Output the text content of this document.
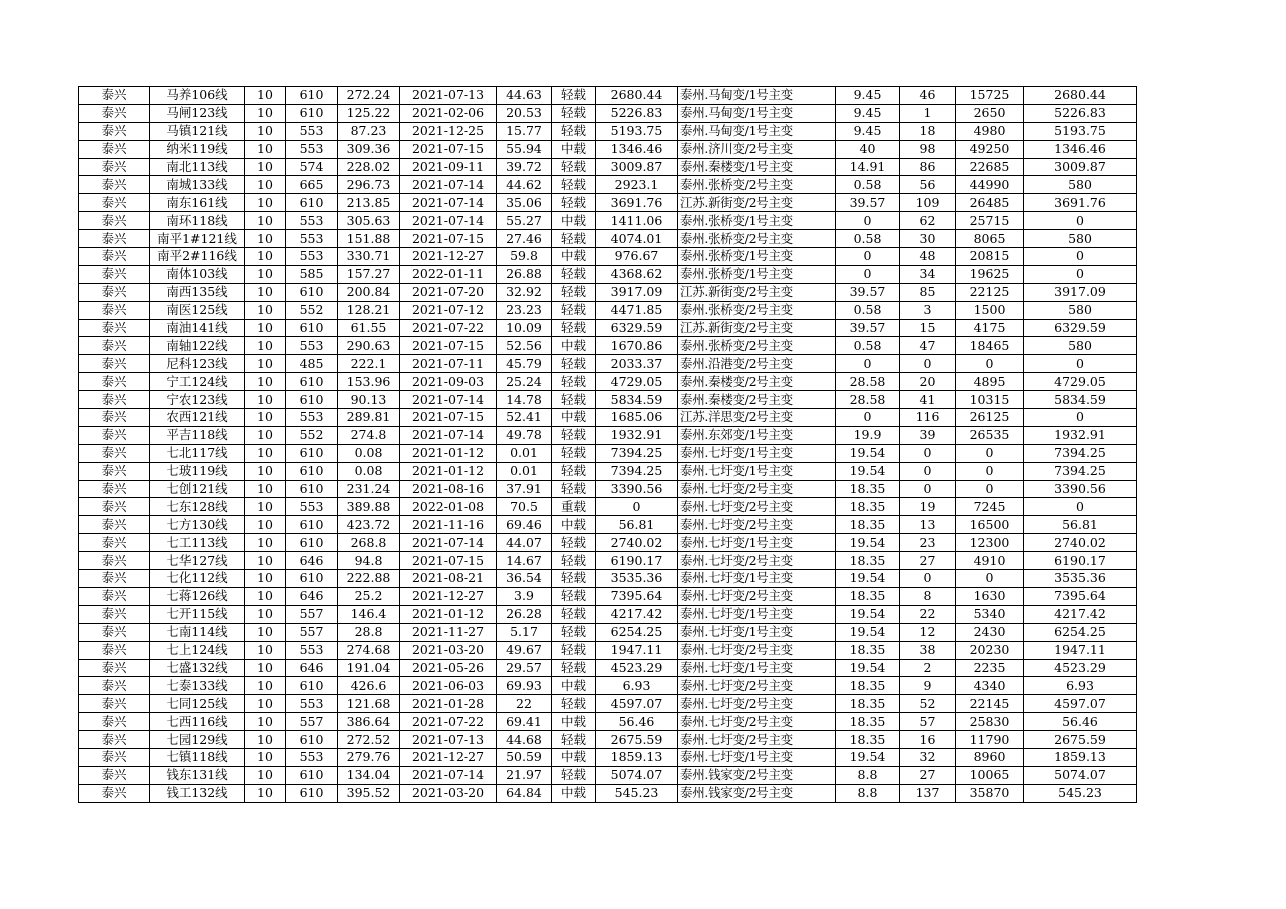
泰兴	马养106线	10	610	272.24	2021-07-13	44.63	轻载	2680.44	泰州.马甸变/1号主变	9.45	46	15725	2680.44
泰兴	马闸123线	10	610	125.22	2021-02-06	20.53	轻载	5226.83	泰州.马甸变/1号主变	9.45	1	2650	5226.83
泰兴	马镇121线	10	553	87.23	2021-12-25	15.77	轻载	5193.75	泰州.马甸变/1号主变	9.45	18	4980	5193.75
泰兴	纳米119线	10	553	309.36	2021-07-15	55.94	中载	1346.46	泰州.济川变/2号主变	40	98	49250	1346.46
泰兴	南北113线	10	574	228.02	2021-09-11	39.72	轻载	3009.87	泰州.秦楼变/1号主变	14.91	86	22685	3009.87
泰兴	南城133线	10	665	296.73	2021-07-14	44.62	轻载	2923.1	泰州.张桥变/2号主变	0.58	56	44990	580
泰兴	南东161线	10	610	213.85	2021-07-14	35.06	轻载	3691.76	江苏.新街变/2号主变	39.57	109	26485	3691.76
泰兴	南环118线	10	553	305.63	2021-07-14	55.27	中载	1411.06	泰州.张桥变/1号主变	0	62	25715	0
泰兴	南平1#121线	10	553	151.88	2021-07-15	27.46	轻载	4074.01	泰州.张桥变/2号主变	0.58	30	8065	580
泰兴	南平2#116线	10	553	330.71	2021-12-27	59.8	中载	976.67	泰州.张桥变/1号主变	0	48	20815	0
泰兴	南体103线	10	585	157.27	2022-01-11	26.88	轻载	4368.62	泰州.张桥变/1号主变	0	34	19625	0
泰兴	南西135线	10	610	200.84	2021-07-20	32.92	轻载	3917.09	江苏.新街变/2号主变	39.57	85	22125	3917.09
泰兴	南医125线	10	552	128.21	2021-07-12	23.23	轻载	4471.85	泰州.张桥变/2号主变	0.58	3	1500	580
泰兴	南油141线	10	610	61.55	2021-07-22	10.09	轻载	6329.59	江苏.新街变/2号主变	39.57	15	4175	6329.59
泰兴	南轴122线	10	553	290.63	2021-07-15	52.56	中载	1670.86	泰州.张桥变/2号主变	0.58	47	18465	580
泰兴	尼科123线	10	485	222.1	2021-07-11	45.79	轻载	2033.37	泰州.沿港变/2号主变	0	0	0	0
泰兴	宁工124线	10	610	153.96	2021-09-03	25.24	轻载	4729.05	泰州.秦楼变/2号主变	28.58	20	4895	4729.05
泰兴	宁农123线	10	610	90.13	2021-07-14	14.78	轻载	5834.59	泰州.秦楼变/2号主变	28.58	41	10315	5834.59
泰兴	农西121线	10	553	289.81	2021-07-15	52.41	中载	1685.06	江苏.洋思变/2号主变	0	116	26125	0
泰兴	平吉118线	10	552	274.8	2021-07-14	49.78	轻载	1932.91	泰州.东郊变/1号主变	19.9	39	26535	1932.91
泰兴	七北117线	10	610	0.08	2021-01-12	0.01	轻载	7394.25	泰州.七圩变/1号主变	19.54	0	0	7394.25
泰兴	七玻119线	10	610	0.08	2021-01-12	0.01	轻载	7394.25	泰州.七圩变/1号主变	19.54	0	0	7394.25
泰兴	七创121线	10	610	231.24	2021-08-16	37.91	轻载	3390.56	泰州.七圩变/2号主变	18.35	0	0	3390.56
泰兴	七东128线	10	553	389.88	2022-01-08	70.5	重载	0	泰州.七圩变/2号主变	18.35	19	7245	0
泰兴	七方130线	10	610	423.72	2021-11-16	69.46	中载	56.81	泰州.七圩变/2号主变	18.35	13	16500	56.81
泰兴	七工113线	10	610	268.8	2021-07-14	44.07	轻载	2740.02	泰州.七圩变/1号主变	19.54	23	12300	2740.02
泰兴	七华127线	10	646	94.8	2021-07-15	14.67	轻载	6190.17	泰州.七圩变/2号主变	18.35	27	4910	6190.17
泰兴	七化112线	10	610	222.88	2021-08-21	36.54	轻载	3535.36	泰州.七圩变/1号主变	19.54	0	0	3535.36
泰兴	七蒋126线	10	646	25.2	2021-12-27	3.9	轻载	7395.64	泰州.七圩变/2号主变	18.35	8	1630	7395.64
泰兴	七开115线	10	557	146.4	2021-01-12	26.28	轻载	4217.42	泰州.七圩变/1号主变	19.54	22	5340	4217.42
泰兴	七南114线	10	557	28.8	2021-11-27	5.17	轻载	6254.25	泰州.七圩变/1号主变	19.54	12	2430	6254.25
泰兴	七上124线	10	553	274.68	2021-03-20	49.67	轻载	1947.11	泰州.七圩变/2号主变	18.35	38	20230	1947.11
泰兴	七盛132线	10	646	191.04	2021-05-26	29.57	轻载	4523.29	泰州.七圩变/1号主变	19.54	2	2235	4523.29
泰兴	七泰133线	10	610	426.6	2021-06-03	69.93	中载	6.93	泰州.七圩变/2号主变	18.35	9	4340	6.93
泰兴	七同125线	10	553	121.68	2021-01-28	22	轻载	4597.07	泰州.七圩变/2号主变	18.35	52	22145	4597.07
泰兴	七西116线	10	557	386.64	2021-07-22	69.41	中载	56.46	泰州.七圩变/2号主变	18.35	57	25830	56.46
泰兴	七园129线	10	610	272.52	2021-07-13	44.68	轻载	2675.59	泰州.七圩变/2号主变	18.35	16	11790	2675.59
泰兴	七镇118线	10	553	279.76	2021-12-27	50.59	中载	1859.13	泰州.七圩变/1号主变	19.54	32	8960	1859.13
泰兴	钱东131线	10	610	134.04	2021-07-14	21.97	轻载	5074.07	泰州.钱家变/2号主变	8.8	27	10065	5074.07
泰兴	钱工132线	10	610	395.52	2021-03-20	64.84	中载	545.23	泰州.钱家变/2号主变	8.8	137	35870	545.23
